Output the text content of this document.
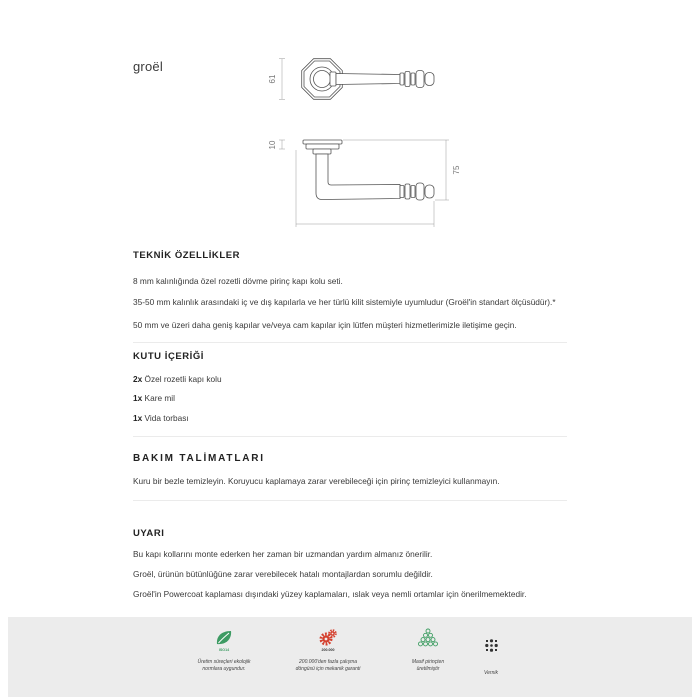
groël
61
10
75
TEKNİK ÖZELLİKLER
8 mm kalınlığında özel rozetli dövme pirinç kapı kolu seti.
35-50 mm kalınlık arasındaki iç ve dış kapılarla ve her türlü kilit sistemiyle uyumludur (Groël'in standart ölçüsüdür).*
50 mm ve üzeri daha geniş kapılar ve/veya cam kapılar için lütfen müşteri hizmetlerimizle iletişime geçin.
KUTU İÇERİĞİ
2x Özel rozetli kapı kolu
1x Kare mil
1x Vida torbası
BAKIM TALİMATLARI
Kuru bir bezle temizleyin. Koruyucu kaplamaya zarar verebileceği için pirinç temizleyici kullanmayın.
UYARI
Bu kapı kollarını monte ederken her zaman bir uzmandan yardım almanız önerilir.
Groël, ürünün bütünlüğüne zarar verebilecek hatalı montajlardan sorumlu değildir.
Groël'in Powercoat kaplaması dışındaki yüzey kaplamaları, ıslak veya nemli ortamlar için önerilmemektedir.
ISO14
Üretim süreçleri ekolojik
normlara uygundur.
200.000
200.000'den fazla çalışma
döngüsü için mekanik garanti
Masif pirinçten
üretilmiştir
Vernik
